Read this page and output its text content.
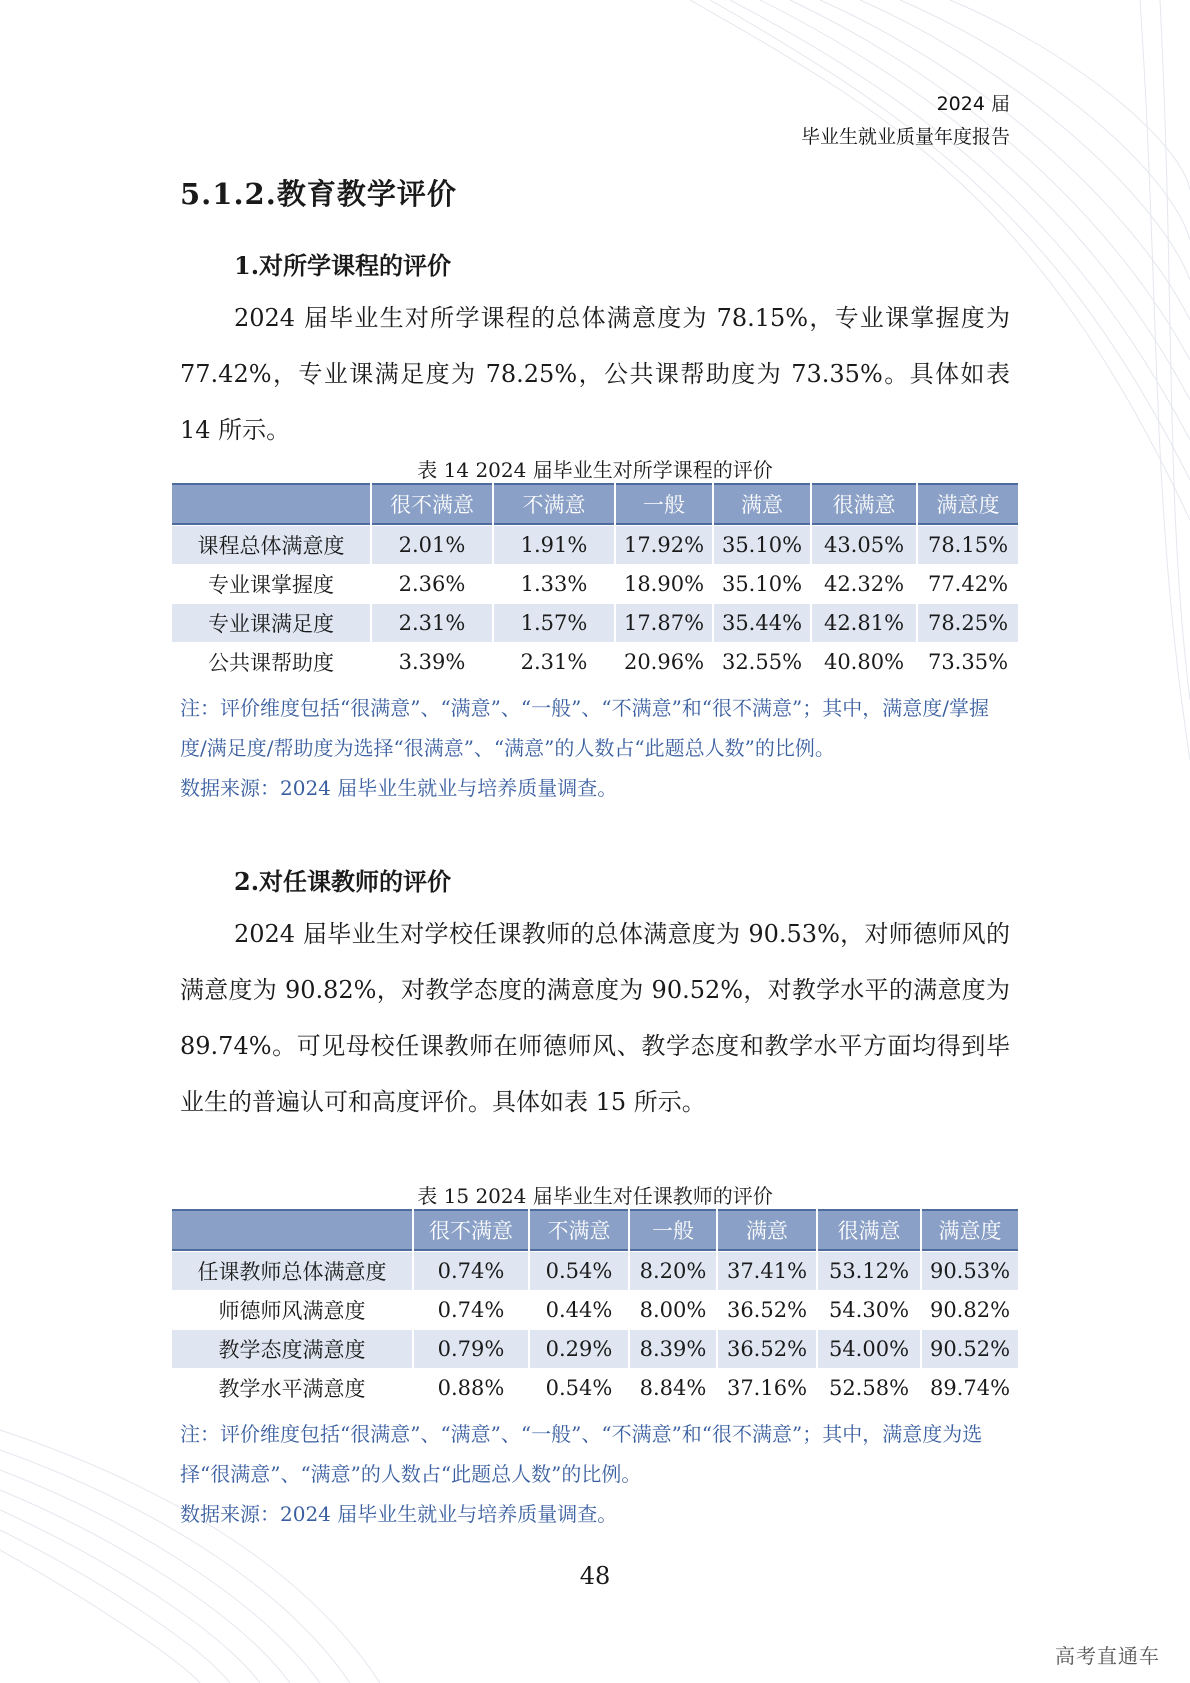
2024 届
毕业生就业质量年度报告
5.1.2.教育教学评价
1.对所学课程的评价
2024 届毕业生对所学课程的总体满意度为 78.15%，专业课掌握度为 77.42%，专业课满足度为 78.25%，公共课帮助度为 73.35%。具体如表 14 所示。
表 14 2024 届毕业生对所学课程的评价
	很不满意	不满意	一般	满意	很满意	满意度
课程总体满意度	2.01%	1.91%	17.92%	35.10%	43.05%	78.15%
专业课掌握度	2.36%	1.33%	18.90%	35.10%	42.32%	77.42%
专业课满足度	2.31%	1.57%	17.87%	35.44%	42.81%	78.25%
公共课帮助度	3.39%	2.31%	20.96%	32.55%	40.80%	73.35%
注：评价维度包括“很满意”、“满意”、“一般”、“不满意”和“很不满意”；其中，满意度/掌握度/满足度/帮助度为选择“很满意”、“满意”的人数占“此题总人数”的比例。
数据来源：2024 届毕业生就业与培养质量调查。
2.对任课教师的评价
2024 届毕业生对学校任课教师的总体满意度为 90.53%，对师德师风的满意度为 90.82%，对教学态度的满意度为 90.52%，对教学水平的满意度为 89.74%。可见母校任课教师在师德师风、教学态度和教学水平方面均得到毕业生的普遍认可和高度评价。具体如表 15 所示。
表 15 2024 届毕业生对任课教师的评价
	很不满意	不满意	一般	满意	很满意	满意度
任课教师总体满意度	0.74%	0.54%	8.20%	37.41%	53.12%	90.53%
师德师风满意度	0.74%	0.44%	8.00%	36.52%	54.30%	90.82%
教学态度满意度	0.79%	0.29%	8.39%	36.52%	54.00%	90.52%
教学水平满意度	0.88%	0.54%	8.84%	37.16%	52.58%	89.74%
注：评价维度包括“很满意”、“满意”、“一般”、“不满意”和“很不满意”；其中，满意度为选择“很满意”、“满意”的人数占“此题总人数”的比例。
数据来源：2024 届毕业生就业与培养质量调查。
48
高考直通车
